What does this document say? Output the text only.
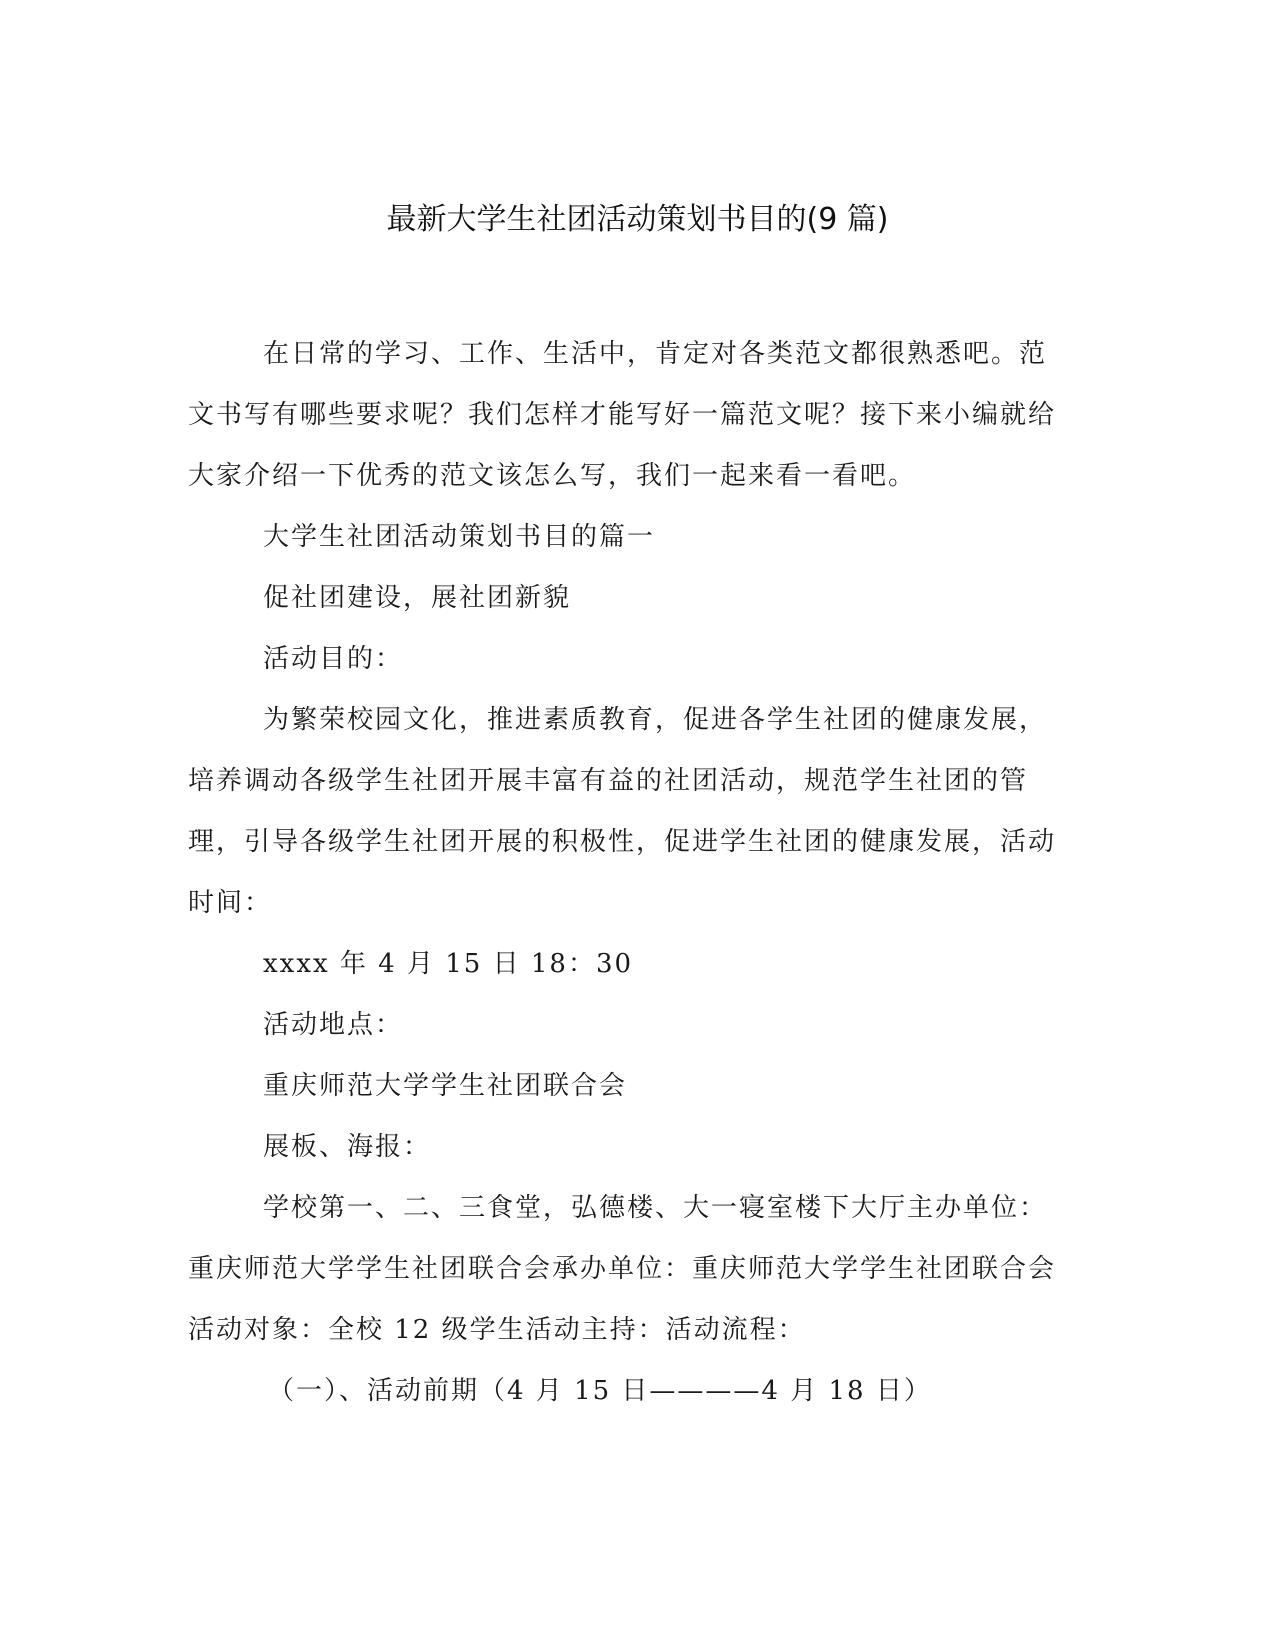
最新大学生社团活动策划书目的(9 篇)

在日常的学习、工作、生活中，肯定对各类范文都很熟悉吧。范文书写有哪些要求呢？我们怎样才能写好一篇范文呢？接下来小编就给大家介绍一下优秀的范文该怎么写，我们一起来看一看吧。

大学生社团活动策划书目的篇一

促社团建设，展社团新貌

活动目的：

为繁荣校园文化，推进素质教育，促进各学生社团的健康发展，培养调动各级学生社团开展丰富有益的社团活动，规范学生社团的管理，引导各级学生社团开展的积极性，促进学生社团的健康发展，活动时间：

xxxx 年 4 月 15 日 18：30

活动地点：

重庆师范大学学生社团联合会

展板、海报：

学校第一、二、三食堂，弘德楼、大一寝室楼下大厅主办单位：重庆师范大学学生社团联合会承办单位：重庆师范大学学生社团联合会活动对象：全校 12 级学生活动主持：活动流程：

（一）、活动前期（4 月 15 日————4 月 18 日）
